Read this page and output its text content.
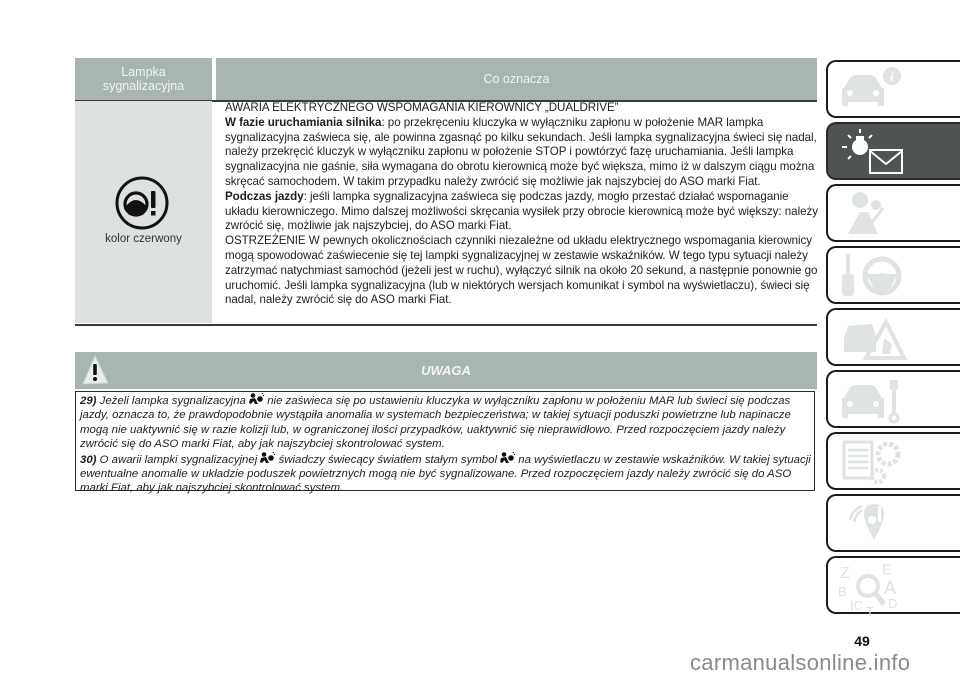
Lampka
sygnalizacyjna	Co oznacza
kolor czerwony

AWARIA ELEKTRYCZNEGO WSPOMAGANIA KIEROWNICY „DUALDRIVE”

W fazie uruchamiania silnika: po przekręceniu kluczyka w wyłączniku zapłonu w położenie MAR lampka sygnalizacyjna zaświeca się, ale powinna zgasnąć po kilku sekundach. Jeśli lampka sygnalizacyjna świeci się nadal, należy przekręcić kluczyk w wyłączniku zapłonu w położenie STOP i powtórzyć fazę uruchamiania. Jeśli lampka sygnalizacyjna nie gaśnie, siła wymagana do obrotu kierownicą może być większa, mimo iż w dalszym ciągu można skręcać samochodem. W takim przypadku należy zwrócić się możliwie jak najszybciej do ASO marki Fiat.

Podczas jazdy: jeśli lampka sygnalizacyjna zaświeca się podczas jazdy, mogło przestać działać wspomaganie układu kierowniczego. Mimo dalszej możliwości skręcania wysiłek przy obrocie kierownicą może być większy: należy zwrócić się, możliwie jak najszybciej, do ASO marki Fiat.

OSTRZEŻENIE W pewnych okolicznościach czynniki niezależne od układu elektrycznego wspomagania kierownicy mogą spowodować zaświecenie się tej lampki sygnalizacyjnej w zestawie wskaźników. W tego typu sytuacji należy zatrzymać natychmiast samochód (jeżeli jest w ruchu), wyłączyć silnik na około 20 sekund, a następnie ponownie go uruchomić. Jeśli lampka sygnalizacyjna (lub w niektórych wersjach komunikat i symbol na wyświetlaczu), świeci się nadal, należy zwrócić się do ASO marki Fiat.

UWAGA

29) Jeżeli lampka sygnalizacyjna  nie zaświeca się po ustawieniu kluczyka w wyłączniku zapłonu w położeniu MAR lub świeci się podczas jazdy, oznacza to, że prawdopodobnie wystąpiła anomalia w systemach bezpieczeństwa; w takiej sytuacji poduszki powietrzne lub napinacze mogą nie uaktywnić się w razie kolizji lub, w ograniczonej ilości przypadków, uaktywnić się nieprawidłowo. Przed rozpoczęciem jazdy należy zwrócić się do ASO marki Fiat, aby jak najszybciej skontrolować system.

30) O awarii lampki sygnalizacyjnej  świadczy świecący światłem stałym symbol  na wyświetlaczu w zestawie wskaźników. W takiej sytuacji ewentualne anomalie w układzie poduszek powietrznych mogą nie być sygnalizowane. Przed rozpoczęciem jazdy należy zwrócić się do ASO marki Fiat, aby jak najszybciej skontrolować system.

i
Z E
B A
IC D
T
49
carmanualsonline.info
